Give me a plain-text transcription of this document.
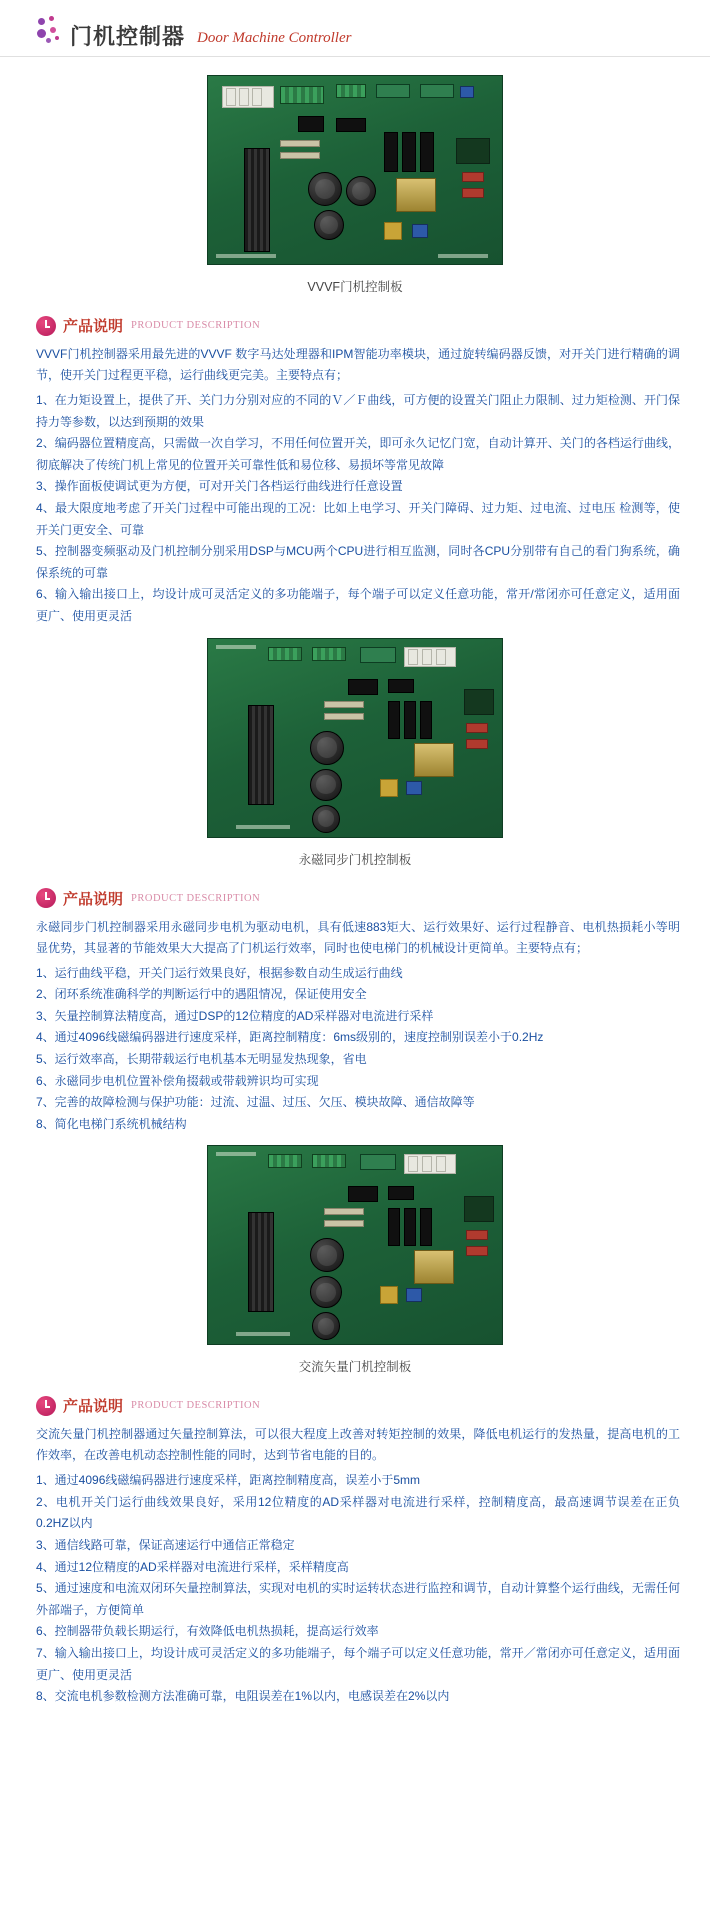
门机控制器 Door Machine Controller
VVVF门机控制板
产品说明 PRODUCT DESCRIPTION
VVVF门机控制器采用最先进的VVVF 数字马达处理器和IPM智能功率模块，通过旋转编码器反馈，对开关门进行精确的调节，使开关门过程更平稳，运行曲线更完美。主要特点有；
1、在力矩设置上，提供了开、关门力分别对应的不同的Ｖ／Ｆ曲线，可方便的设置关门阻止力限制、过力矩检测、开门保持力等参数，以达到预期的效果
2、编码器位置精度高，只需做一次自学习，不用任何位置开关，即可永久记忆门宽，自动计算开、关门的各档运行曲线，彻底解决了传统门机上常见的位置开关可靠性低和易位移、易损坏等常见故障
3、操作面板使调试更为方便，可对开关门各档运行曲线进行任意设置
4、最大限度地考虑了开关门过程中可能出现的工况：比如上电学习、开关门障碍、过力矩、过电流、过电压 检测等，使开关门更安全、可靠
5、控制器变频驱动及门机控制分别采用DSP与MCU两个CPU进行相互监测，同时各CPU分别带有自己的看门狗系统，确保系统的可靠
6、输入输出接口上，均设计成可灵活定义的多功能端子，每个端子可以定义任意功能，常开/常闭亦可任意定义，适用面更广、使用更灵活
永磁同步门机控制板
产品说明 PRODUCT DESCRIPTION
永磁同步门机控制器采用永磁同步电机为驱动电机，具有低速883矩大、运行效果好、运行过程静音、电机热损耗小等明显优势，其显著的节能效果大大提高了门机运行效率，同时也使电梯门的机械设计更简单。主要特点有；
1、运行曲线平稳，开关门运行效果良好，根据参数自动生成运行曲线
2、闭环系统准确科学的判断运行中的遇阻情况，保证使用安全
3、矢量控制算法精度高，通过DSP的12位精度的AD采样器对电流进行采样
4、通过4096线磁编码器进行速度采样，距离控制精度：6ms级别的，速度控制别误差小于0.2Hz
5、运行效率高，长期带载运行电机基本无明显发热现象，省电
6、永磁同步电机位置补偿角掇载或带载辨识均可实现
7、完善的故障检测与保护功能：过流、过温、过压、欠压、模块故障、通信故障等
8、简化电梯门系统机械结构
交流矢量门机控制板
产品说明 PRODUCT DESCRIPTION
交流矢量门机控制器通过矢量控制算法，可以很大程度上改善对转矩控制的效果，降低电机运行的发热量，提高电机的工作效率，在改善电机动态控制性能的同时，达到节省电能的目的。
1、通过4096线磁编码器进行速度采样，距离控制精度高，误差小于5mm
2、电机开关门运行曲线效果良好，采用12位精度的AD采样器对电流进行采样，控制精度高，最高速调节误差在正负0.2HZ以内
3、通信线路可靠，保证高速运行中通信正常稳定
4、通过12位精度的AD采样器对电流进行采样，采样精度高
5、通过速度和电流双闭环矢量控制算法，实现对电机的实时运转状态进行监控和调节，自动计算整个运行曲线，无需任何外部端子，方便简单
6、控制器带负载长期运行，有效降低电机热损耗，提高运行效率
7、输入输出接口上，均设计成可灵活定义的多功能端子，每个端子可以定义任意功能，常开／常闭亦可任意定义，适用面更广、使用更灵活
8、交流电机参数检测方法准确可靠，电阻误差在1%以内，电感误差在2%以内
